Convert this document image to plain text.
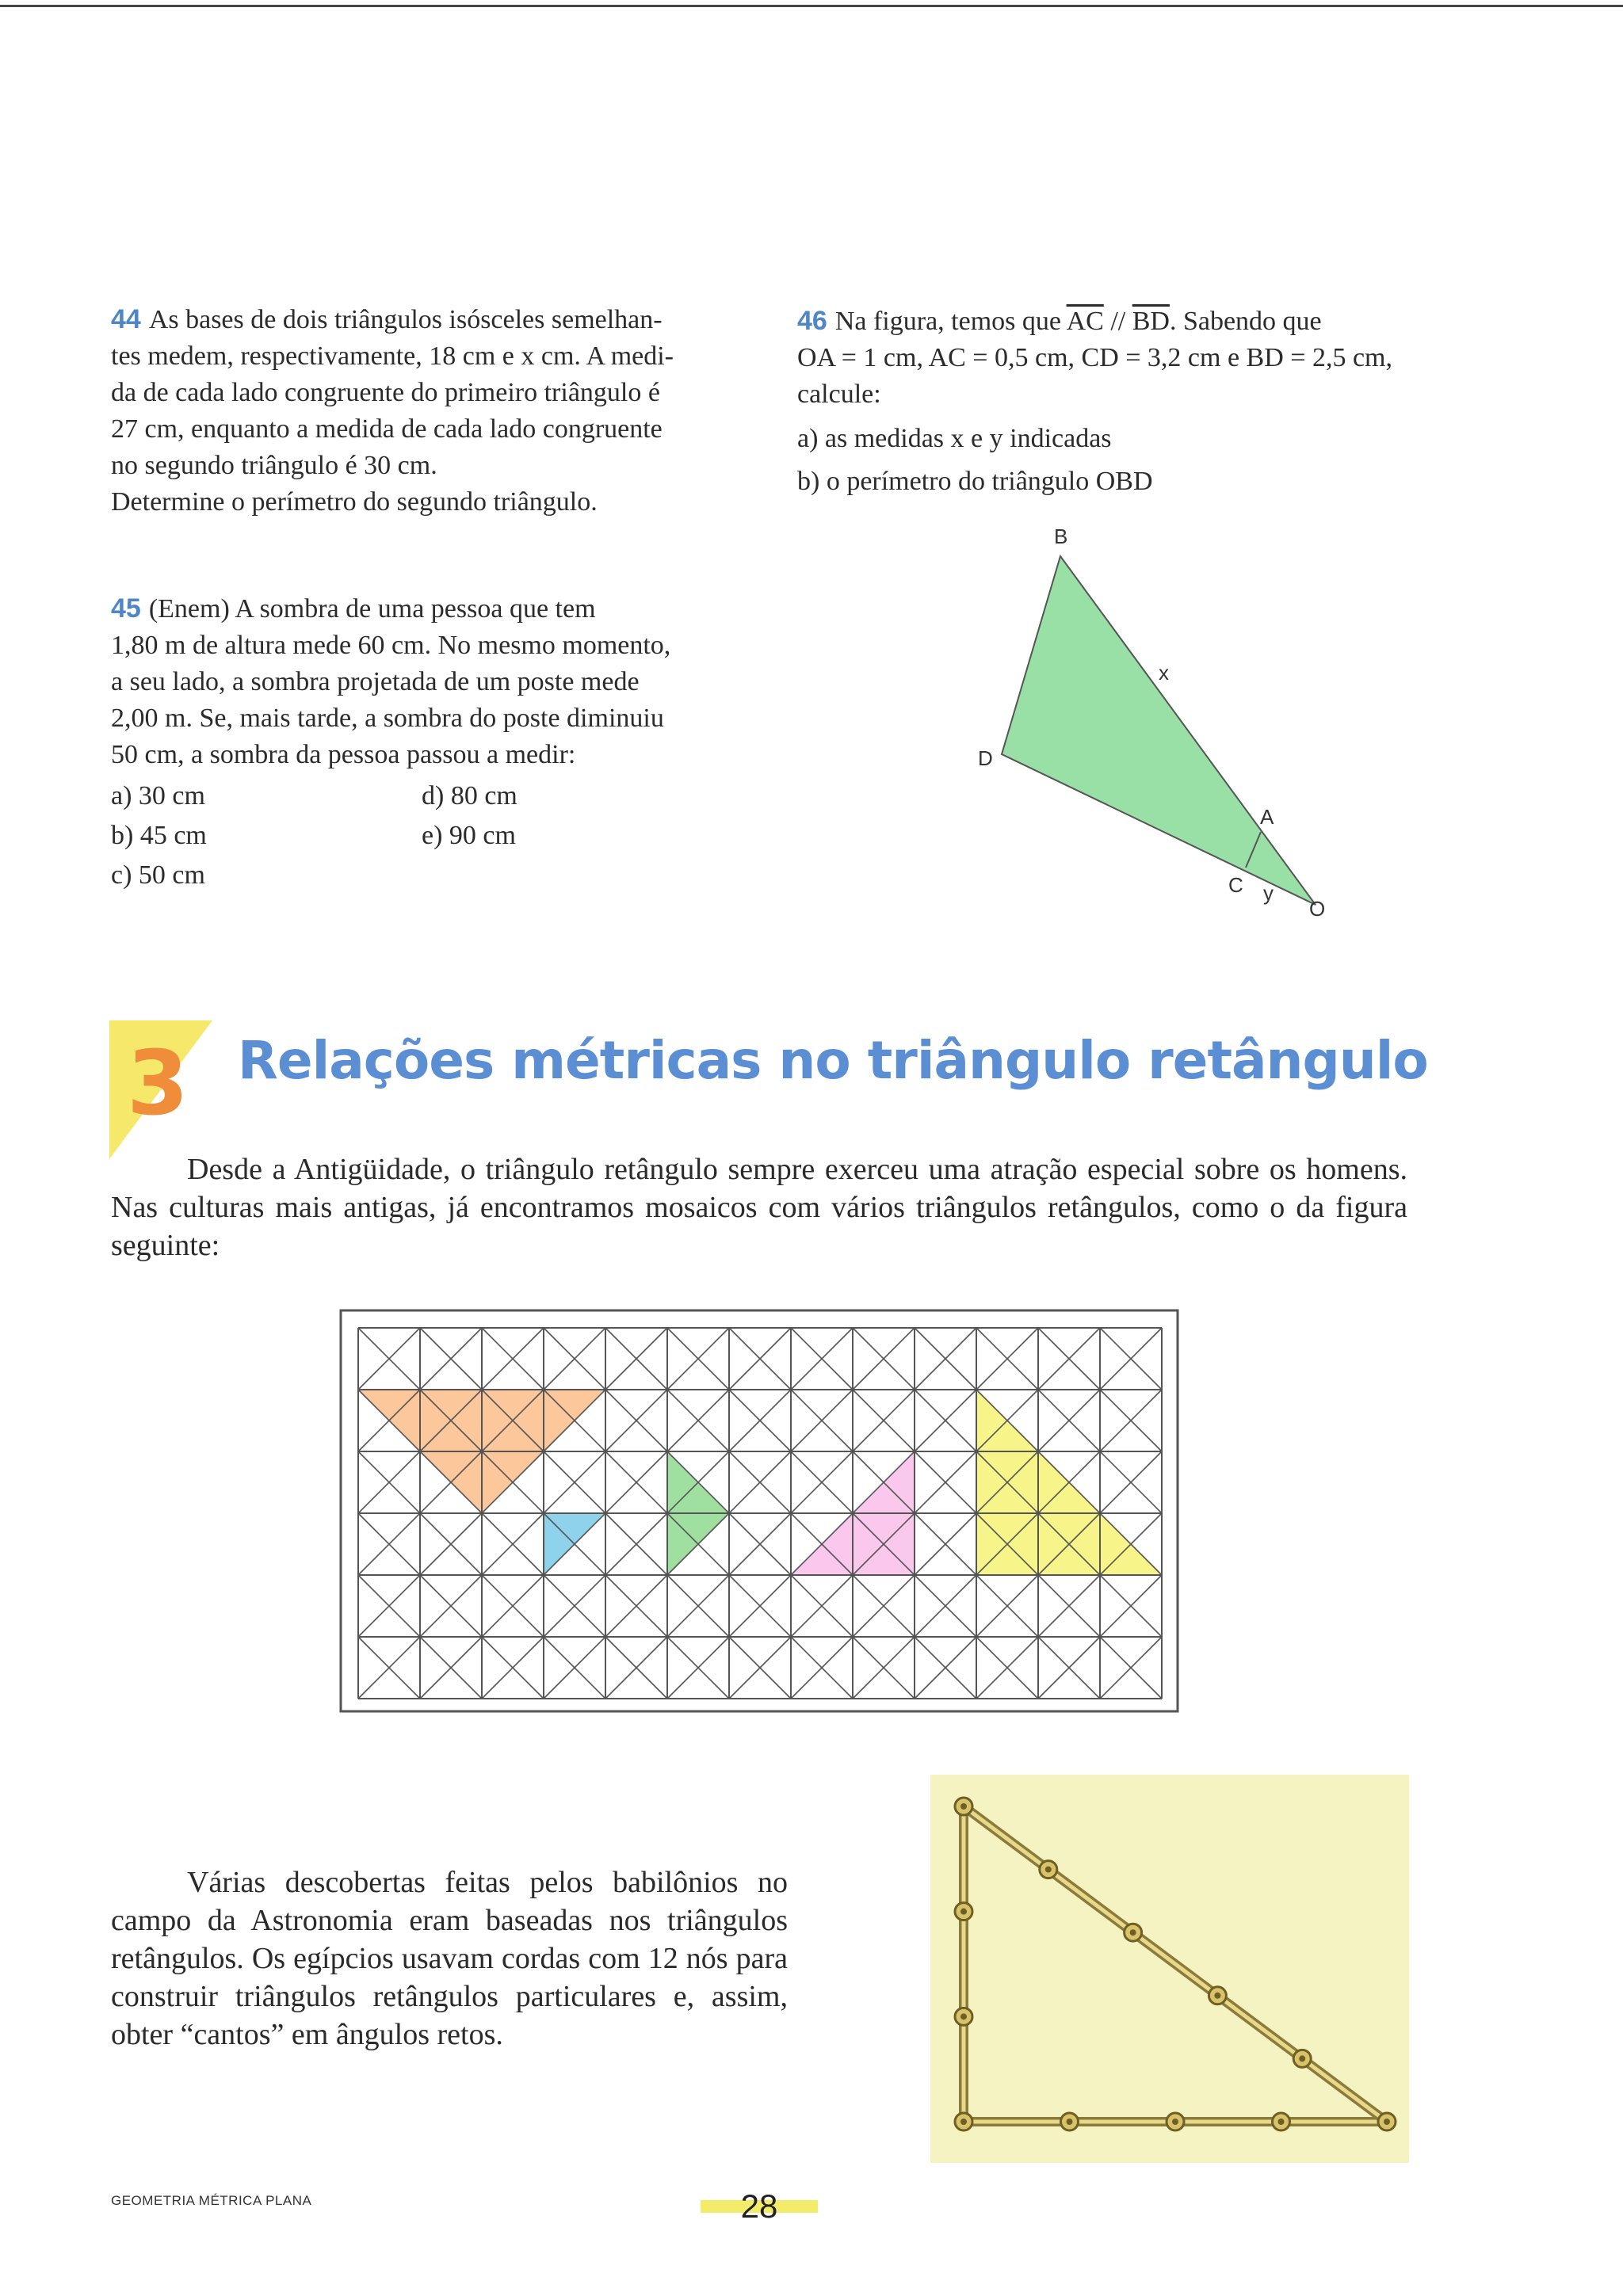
44 As bases de dois triângulos isósceles semelhan-
tes medem, respectivamente, 18 cm e x cm. A medi-
da de cada lado congruente do primeiro triângulo é
27 cm, enquanto a medida de cada lado congruente
no segundo triângulo é 30 cm.
Determine o perímetro do segundo triângulo.
45 (Enem) A sombra de uma pessoa que tem
1,80 m de altura mede 60 cm. No mesmo momento,
a seu lado, a sombra projetada de um poste mede
2,00 m. Se, mais tarde, a sombra do poste diminuiu
50 cm, a sombra da pessoa passou a medir:
a) 30 cm	d) 80 cm
b) 45 cm	e) 90 cm
c) 50 cm
46 Na figura, temos que $\overline{AC} // \overline{BD}$. Sabendo que
OA = 1 cm, AC = 0,5 cm, CD = 3,2 cm e BD = 2,5 cm,
calcule:
a) as medidas x e y indicadas
b) o perímetro do triângulo OBD
B
D
A
C
O
x
y
3 Relações métricas no triângulo retângulo
Desde a Antigüidade, o triângulo retângulo sempre exerceu uma atração especial sobre os homens. Nas culturas mais antigas, já encontramos mosaicos com vários triângulos retângulos, como o da figura seguinte:
Várias descobertas feitas pelos babilônios no campo da Astronomia eram baseadas nos triângulos retângulos. Os egípcios usavam cordas com 12 nós para construir triângulos retângulos particulares e, assim, obter “cantos” em ângulos retos.
GEOMETRIA MÉTRICA PLANA	28
